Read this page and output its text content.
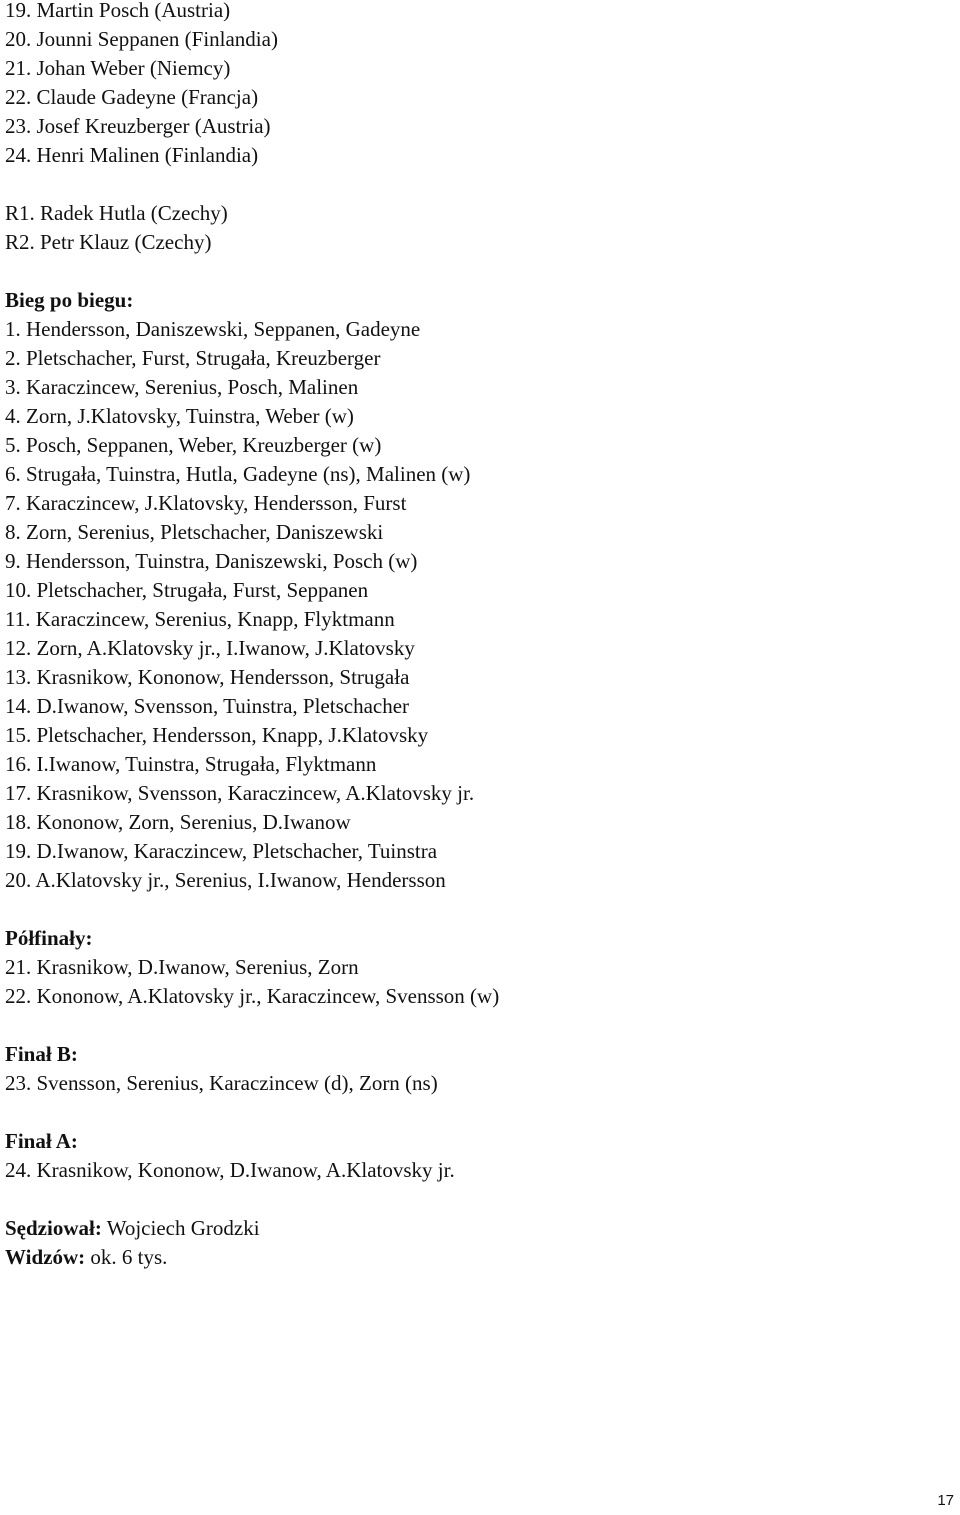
19. Martin Posch (Austria)
20. Jounni Seppanen (Finlandia)
21. Johan Weber (Niemcy)
22. Claude Gadeyne (Francja)
23. Josef Kreuzberger (Austria)
24. Henri Malinen (Finlandia)
R1. Radek Hutla (Czechy)
R2. Petr Klauz (Czechy)
Bieg po biegu:
1. Hendersson, Daniszewski, Seppanen, Gadeyne
2. Pletschacher, Furst, Strugała, Kreuzberger
3. Karaczincew, Serenius, Posch, Malinen
4. Zorn, J.Klatovsky, Tuinstra, Weber (w)
5. Posch, Seppanen, Weber, Kreuzberger (w)
6. Strugała, Tuinstra, Hutla, Gadeyne (ns), Malinen (w)
7. Karaczincew, J.Klatovsky, Hendersson, Furst
8. Zorn, Serenius, Pletschacher, Daniszewski
9. Hendersson, Tuinstra, Daniszewski, Posch (w)
10. Pletschacher, Strugała, Furst, Seppanen
11. Karaczincew, Serenius, Knapp, Flyktmann
12. Zorn, A.Klatovsky jr., I.Iwanow, J.Klatovsky
13. Krasnikow, Kononow, Hendersson, Strugała
14. D.Iwanow, Svensson, Tuinstra, Pletschacher
15. Pletschacher, Hendersson, Knapp, J.Klatovsky
16. I.Iwanow, Tuinstra, Strugała, Flyktmann
17. Krasnikow, Svensson, Karaczincew, A.Klatovsky jr.
18. Kononow, Zorn, Serenius, D.Iwanow
19. D.Iwanow, Karaczincew, Pletschacher, Tuinstra
20. A.Klatovsky jr., Serenius, I.Iwanow, Hendersson
Półfinały:
21. Krasnikow, D.Iwanow, Serenius, Zorn
22. Kononow, A.Klatovsky jr., Karaczincew, Svensson (w)
Finał B:
23. Svensson, Serenius, Karaczincew (d), Zorn (ns)
Finał A:
24. Krasnikow, Kononow, D.Iwanow, A.Klatovsky jr.
Sędziował: Wojciech Grodzki
Widzów: ok. 6 tys.
17
